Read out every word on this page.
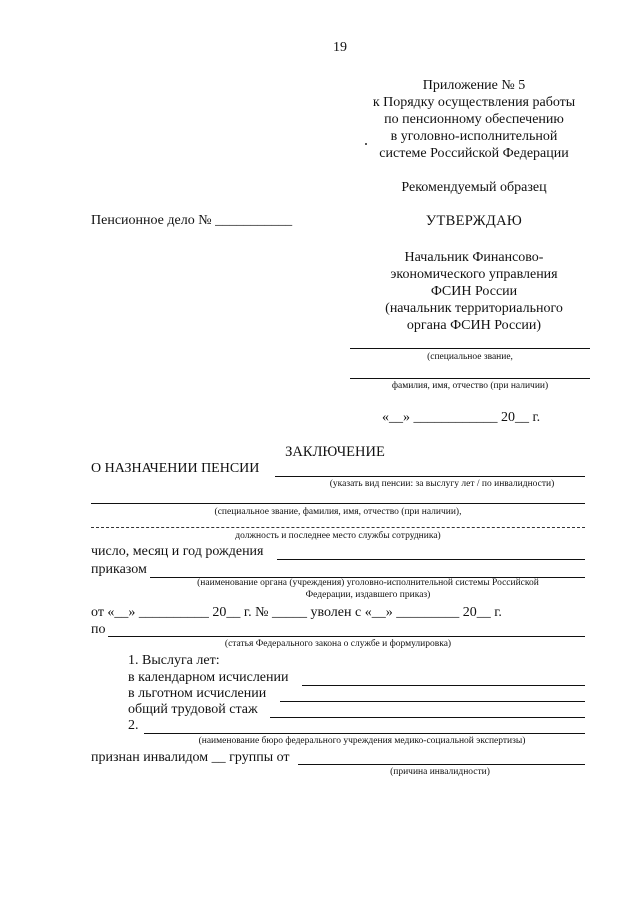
19
Приложение № 5
к Порядку осуществления работы
по пенсионному обеспечению
в уголовно-исполнительной
системе Российской Федерации
Рекомендуемый образец
Пенсионное дело № ___________	УТВЕРЖДАЮ
Начальник Финансово-
экономического управления
ФСИН России
(начальник территориального
органа ФСИН России)
(специальное звание,
фамилия, имя, отчество (при наличии)
«__» ____________ 20__ г.
ЗАКЛЮЧЕНИЕ
О НАЗНАЧЕНИИ ПЕНСИИ
(указать вид пенсии: за выслугу лет / по инвалидности)
(специальное звание, фамилия, имя, отчество (при наличии),
должность и последнее место службы сотрудника)
число, месяц и год рождения
приказом
(наименование органа (учреждения) уголовно-исполнительной системы Российской
Федерации, издавшего приказ)
от «__» __________ 20__ г. № _____ уволен с «__» _________ 20__ г.
по
(статья Федерального закона о службе и формулировка)
1. Выслуга лет:
в календарном исчислении
в льготном исчислении
общий трудовой стаж
2.
(наименование бюро федерального учреждения медико-социальной экспертизы)
признан инвалидом __ группы от
(причина инвалидности)
